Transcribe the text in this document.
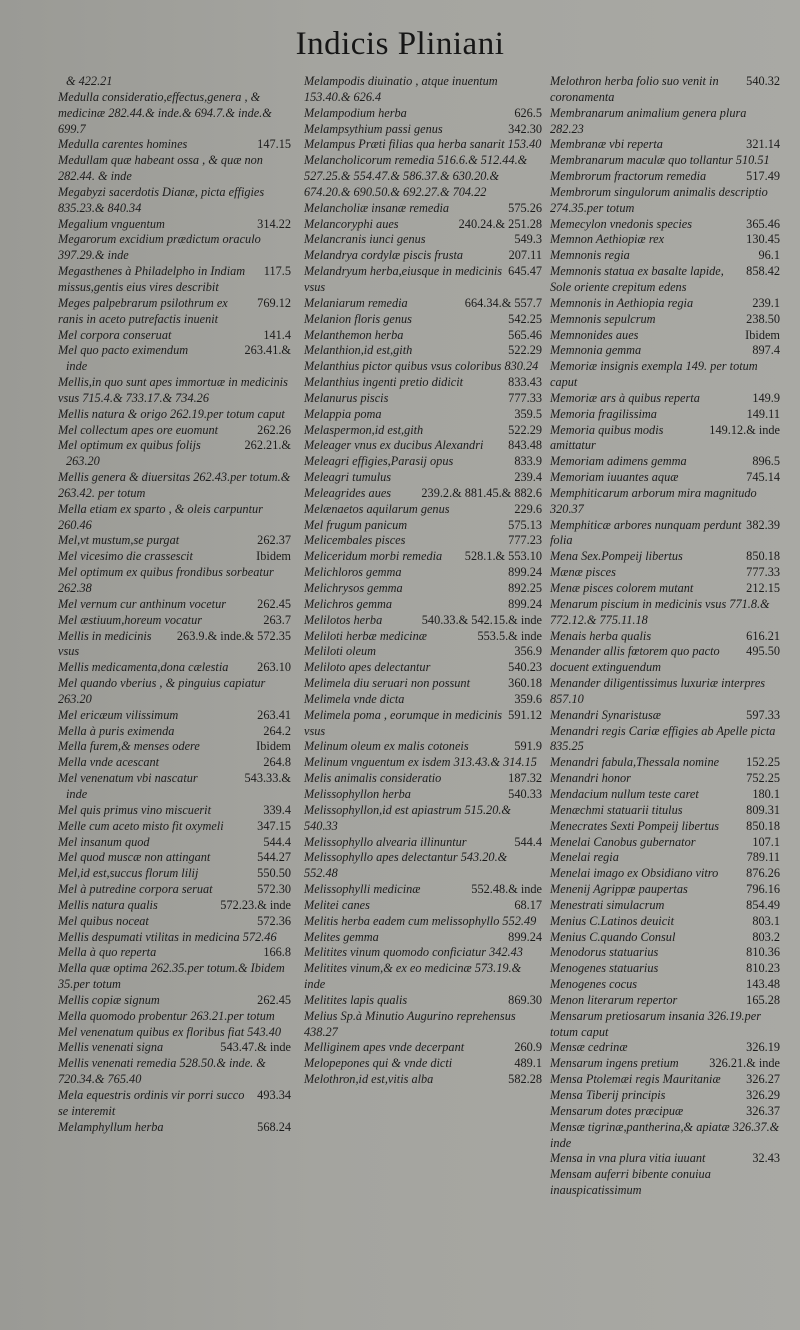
Indicis Pliniani

& 422.21

Medulla consideratio,effectus,genera , & medicinæ 282.44.& inde.& 694.7.& inde.& 699.7

147.15
Medulla carentes homines

Medullam quæ habeant ossa , & quæ non 282.44. & inde

Megabyzi sacerdotis Dianæ, picta effigies 835.23.& 840.34

314.22
Megalium vnguentum

Megarorum excidium prædictum oraculo 397.29.& inde

117.5
Megasthenes à Philadelpho in Indiam missus,gentis eius vires describit

769.12
Meges palpebrarum psilothrum ex ranis in aceto putrefactis inuenit

141.4
Mel corpora conseruat

263.41.&
Mel quo pacto eximendum

inde

Mellis,in quo sunt apes immortuæ in medicinis vsus 715.4.& 733.17.& 734.26

Mellis natura & origo 262.19.per totum caput

262.26
Mel collectum apes ore euomunt

262.21.&
Mel optimum ex quibus folijs

263.20

Mellis genera & diuersitas 262.43.per totum.& 263.42. per totum

Mella etiam ex sparto , & oleis carpuntur 260.46

262.37
Mel,vt mustum,se purgat

Ibidem
Mel vicesimo die crassescit

Mel optimum ex quibus frondibus sorbeatur 262.38

262.45
Mel vernum cur anthinum vocetur

263.7
Mel æstiuum,horeum vocatur

263.9.& inde.& 572.35
Mellis in medicinis vsus

263.10
Mellis medicamenta,dona cælestia

Mel quando vberius , & pinguius capiatur 263.20

263.41
Mel ericæum vilissimum

264.2
Mella à puris eximenda

Ibidem
Mella furem,& menses odere

264.8
Mella vnde acescant

543.33.&
Mel venenatum vbi nascatur

inde

339.4
Mel quis primus vino miscuerit

347.15
Melle cum aceto misto fit oxymeli

544.4
Mel insanum quod

544.27
Mel quod muscæ non attingant

550.50
Mel,id est,succus florum lilij

572.30
Mel à putredine corpora seruat

572.23.& inde
Mellis natura qualis

572.36
Mel quibus noceat

Mellis despumati vtilitas in medicina 572.46

166.8
Mella à quo reperta

Mella quæ optima 262.35.per totum.& Ibidem 35.per totum

262.45
Mellis copiæ signum

Mella quomodo probentur 263.21.per totum

Mel venenatum quibus ex floribus fiat 543.40

543.47.& inde
Mellis venenati signa

Mellis venenati remedia 528.50.& inde. & 720.34.& 765.40

493.34
Mela equestris ordinis vir porri succo se interemit

568.24
Melamphyllum herba

Melampodis diuinatio , atque inuentum 153.40.& 626.4

626.5
Melampodium herba

342.30
Melampsythium passi genus

Melampus Præti filias qua herba sanarit 153.40

Melancholicorum remedia 516.6.& 512.44.& 527.25.& 554.47.& 586.37.& 630.20.& 674.20.& 690.50.& 692.27.& 704.22

575.26
Melancholiæ insanæ remedia

240.24.& 251.28
Melancoryphi aues

549.3
Melancranis iunci genus

207.11
Melandrya cordylæ piscis frusta

645.47
Melandryum herba,eiusque in medicinis vsus

664.34.& 557.7
Melaniarum remedia

542.25
Melanion floris genus

565.46
Melanthemon herba

522.29
Melanthion,id est,gith

Melanthius pictor quibus vsus coloribus 830.24

833.43
Melanthius ingenti pretio didicit

777.33
Melanurus piscis

359.5
Melappia poma

522.29
Melaspermon,id est,gith

843.48
Meleager vnus ex ducibus Alexandri

833.9
Meleagri effigies,Parasij opus

239.4
Meleagri tumulus

239.2.& 881.45.& 882.6
Meleagrides aues

229.6
Melænaetos aquilarum genus

575.13
Mel frugum panicum

777.23
Melicembales pisces

528.1.& 553.10
Meliceridum morbi remedia

899.24
Melichloros gemma

892.25
Melichrysos gemma

899.24
Melichros gemma

540.33.& 542.15.& inde
Melilotos herba

553.5.& inde
Meliloti herbæ medicinæ

356.9
Meliloti oleum

540.23
Meliloto apes delectantur

360.18
Melimela diu seruari non possunt

359.6
Melimela vnde dicta

591.12
Melimela poma , eorumque in medicinis vsus

591.9
Melinum oleum ex malis cotoneis

Melinum vnguentum ex isdem 313.43.& 314.15

187.32
Melis animalis consideratio

540.33
Melissophyllon herba

Melissophyllon,id est apiastrum 515.20.& 540.33

544.4
Melissophyllo alvearia illinuntur

Melissophyllo apes delectantur 543.20.& 552.48

552.48.& inde
Melissophylli medicinæ

68.17
Melitei canes

Melitis herba eadem cum melissophyllo 552.49

899.24
Melites gemma

Melitites vinum quomodo conficiatur 342.43

Melitites vinum,& ex eo medicinæ 573.19.& inde

869.30
Melitites lapis qualis

Melius Sp.à Minutio Augurino reprehensus 438.27

260.9
Melliginem apes vnde decerpant

489.1
Melopepones qui & vnde dicti

582.28
Melothron,id est,vitis alba

540.32
Melothron herba folio suo venit in coronamenta

Membranarum animalium genera plura 282.23

321.14
Membranæ vbi reperta

Membranarum maculæ quo tollantur 510.51

517.49
Membrorum fractorum remedia

Membrorum singulorum animalis descriptio 274.35.per totum

365.46
Memecylon vnedonis species

130.45
Memnon Aethiopiæ rex

96.1
Memnonis regia

858.42
Memnonis statua ex basalte lapide, Sole oriente crepitum edens

239.1
Memnonis in Aethiopia regia

238.50
Memnonis sepulcrum

Ibidem
Memnonides aues

897.4
Memnonia gemma

Memoriæ insignis exempla 149. per totum caput

149.9
Memoriæ ars à quibus reperta

149.11
Memoria fragilissima

149.12.& inde
Memoria quibus modis amittatur

896.5
Memoriam adimens gemma

745.14
Memoriam iuuantes aquæ

Memphiticarum arborum mira magnitudo 320.37

382.39
Memphiticæ arbores nunquam perdunt folia

850.18
Mena Sex.Pompeij libertus

777.33
Mænæ pisces

212.15
Menæ pisces colorem mutant

Menarum piscium in medicinis vsus 771.8.& 772.12.& 775.11.18

616.21
Menais herba qualis

495.50
Menander allis fœtorem quo pacto docuent extinguendum

Menander diligentissimus luxuriæ interpres 857.10

597.33
Menandri Synaristusæ

Menandri regis Cariæ effigies ab Apelle picta 835.25

152.25
Menandri fabula,Thessala nomine

752.25
Menandri honor

180.1
Mendacium nullum teste caret

809.31
Menæchmi statuarii titulus

850.18
Menecrates Sexti Pompeij libertus

107.1
Menelai Canobus gubernator

789.11
Menelai regia

876.26
Menelai imago ex Obsidiano vitro

796.16
Menenij Agrippæ paupertas

854.49
Menestrati simulacrum

803.1
Menius C.Latinos deuicit

803.2
Menius C.quando Consul

810.36
Menodorus statuarius

810.23
Menogenes statuarius

143.48
Menogenes cocus

165.28
Menon literarum repertor

Mensarum pretiosarum insania 326.19.per totum caput

326.19
Mensæ cedrinæ

326.21.& inde
Mensarum ingens pretium

326.27
Mensa Ptolemæi regis Mauritaniæ

326.29
Mensa Tiberij principis

326.37
Mensarum dotes præcipuæ

Mensæ tigrinæ,pantherina,& apiatæ 326.37.& inde

32.43
Mensa in vna plura vitia iuuant

Mensam auferri bibente conuiua inauspicatissimum
